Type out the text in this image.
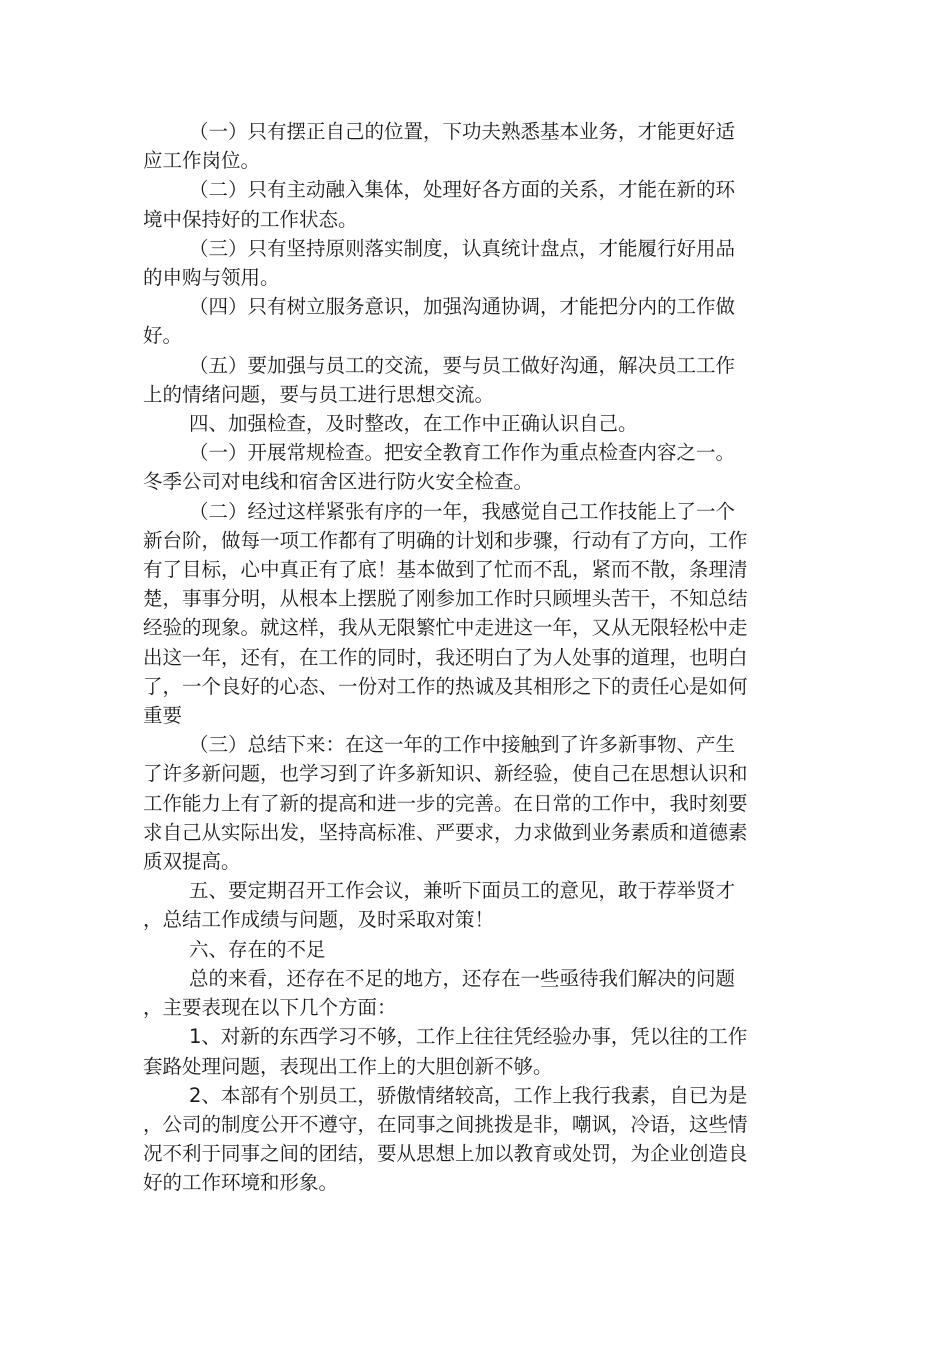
（一）只有摆正自己的位置，下功夫熟悉基本业务，才能更好适应工作岗位。

（二）只有主动融入集体，处理好各方面的关系，才能在新的环境中保持好的工作状态。

（三）只有坚持原则落实制度，认真统计盘点，才能履行好用品的申购与领用。

（四）只有树立服务意识，加强沟通协调，才能把分内的工作做好。

（五）要加强与员工的交流，要与员工做好沟通，解决员工工作上的情绪问题，要与员工进行思想交流。

四、加强检查，及时整改，在工作中正确认识自己。

（一）开展常规检查。把安全教育工作作为重点检查内容之一。冬季公司对电线和宿舍区进行防火安全检查。

（二）经过这样紧张有序的一年，我感觉自己工作技能上了一个新台阶，做每一项工作都有了明确的计划和步骤，行动有了方向，工作有了目标，心中真正有了底！基本做到了忙而不乱，紧而不散，条理清楚，事事分明，从根本上摆脱了刚参加工作时只顾埋头苦干，不知总结经验的现象。就这样，我从无限繁忙中走进这一年，又从无限轻松中走出这一年，还有，在工作的同时，我还明白了为人处事的道理，也明白了，一个良好的心态、一份对工作的热诚及其相形之下的责任心是如何重要

（三）总结下来：在这一年的工作中接触到了许多新事物、产生了许多新问题，也学习到了许多新知识、新经验，使自己在思想认识和工作能力上有了新的提高和进一步的完善。在日常的工作中，我时刻要求自己从实际出发，坚持高标准、严要求，力求做到业务素质和道德素质双提高。

五、要定期召开工作会议，兼听下面员工的意见，敢于荐举贤才，总结工作成绩与问题，及时采取对策！

六、存在的不足

总的来看，还存在不足的地方，还存在一些亟待我们解决的问题，主要表现在以下几个方面：

1、对新的东西学习不够，工作上往往凭经验办事，凭以往的工作套路处理问题，表现出工作上的大胆创新不够。

2、本部有个别员工，骄傲情绪较高，工作上我行我素，自已为是，公司的制度公开不遵守，在同事之间挑拨是非，嘲讽，冷语，这些情况不利于同事之间的团结，要从思想上加以教育或处罚，为企业创造良好的工作环境和形象。
